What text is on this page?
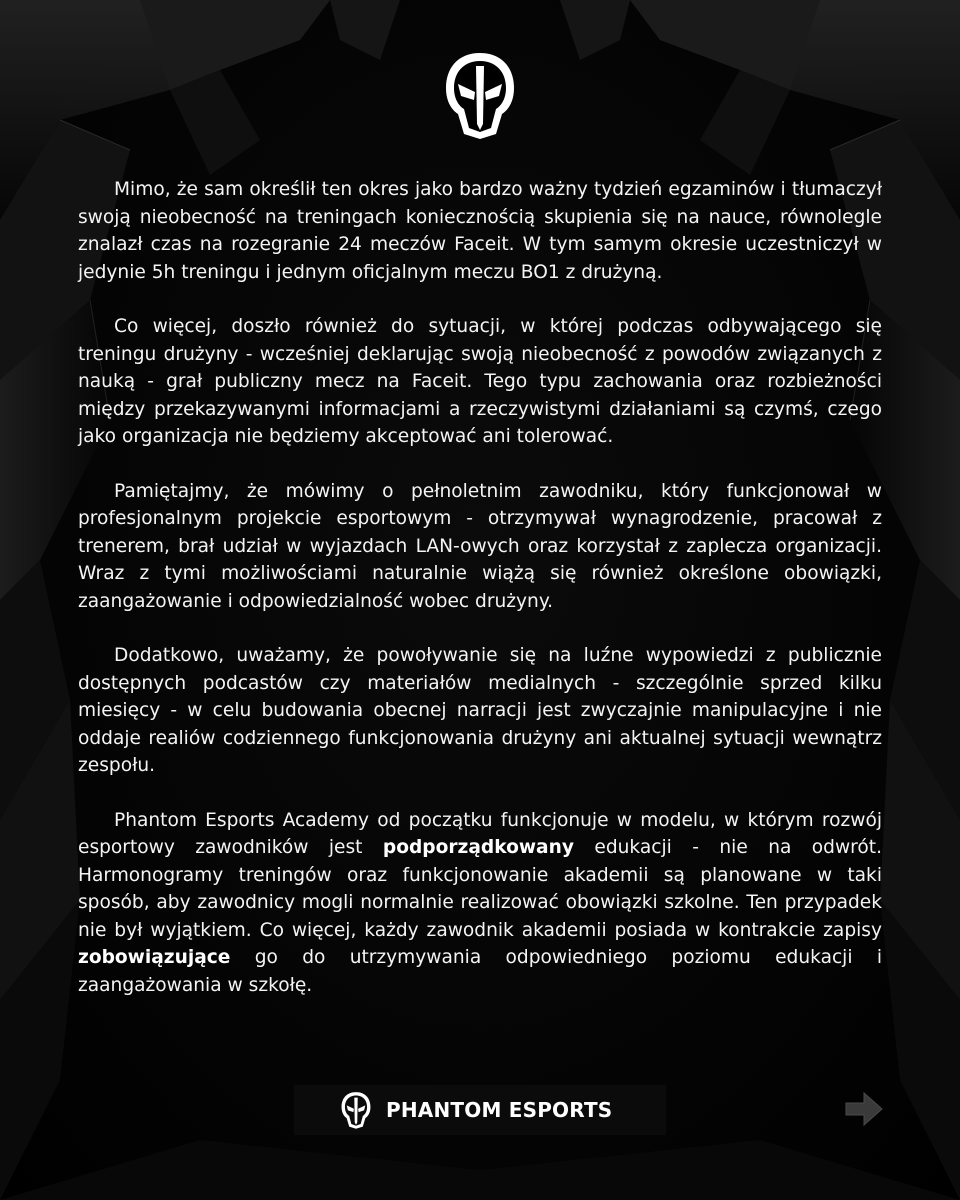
Mimo, że sam określił ten okres jako bardzo ważny tydzień egzaminów i tłumaczył swoją nieobecność na treningach koniecznością skupienia się na nauce, równolegle znalazł czas na rozegranie 24 meczów Faceit. W tym samym okresie uczestniczył w jedynie 5h treningu i jednym oficjalnym meczu BO1 z drużyną.

Co więcej, doszło również do sytuacji, w której podczas odbywającego się treningu drużyny - wcześniej deklarując swoją nieobecność z powodów związanych z nauką - grał publiczny mecz na Faceit. Tego typu zachowania oraz rozbieżności między przekazywanymi informacjami a rzeczywistymi działaniami są czymś, czego jako organizacja nie będziemy akceptować ani tolerować.

Pamiętajmy, że mówimy o pełnoletnim zawodniku, który funkcjonował w profesjonalnym projekcie esportowym - otrzymywał wynagrodzenie, pracował z trenerem, brał udział w wyjazdach LAN-owych oraz korzystał z zaplecza organizacji. Wraz z tymi możliwościami naturalnie wiążą się również określone obowiązki, zaangażowanie i odpowiedzialność wobec drużyny.

Dodatkowo, uważamy, że powoływanie się na luźne wypowiedzi z publicznie dostępnych podcastów czy materiałów medialnych - szczególnie sprzed kilku miesięcy - w celu budowania obecnej narracji jest zwyczajnie manipulacyjne i nie oddaje realiów codziennego funkcjonowania drużyny ani aktualnej sytuacji wewnątrz zespołu.

Phantom Esports Academy od początku funkcjonuje w modelu, w którym rozwój esportowy zawodników jest podporządkowany edukacji - nie na odwrót. Harmonogramy treningów oraz funkcjonowanie akademii są planowane w taki sposób, aby zawodnicy mogli normalnie realizować obowiązki szkolne. Ten przypadek nie był wyjątkiem. Co więcej, każdy zawodnik akademii posiada w kontrakcie zapisy zobowiązujące go do utrzymywania odpowiedniego poziomu edukacji i zaangażowania w szkołę.

PHANTOM ESPORTS
